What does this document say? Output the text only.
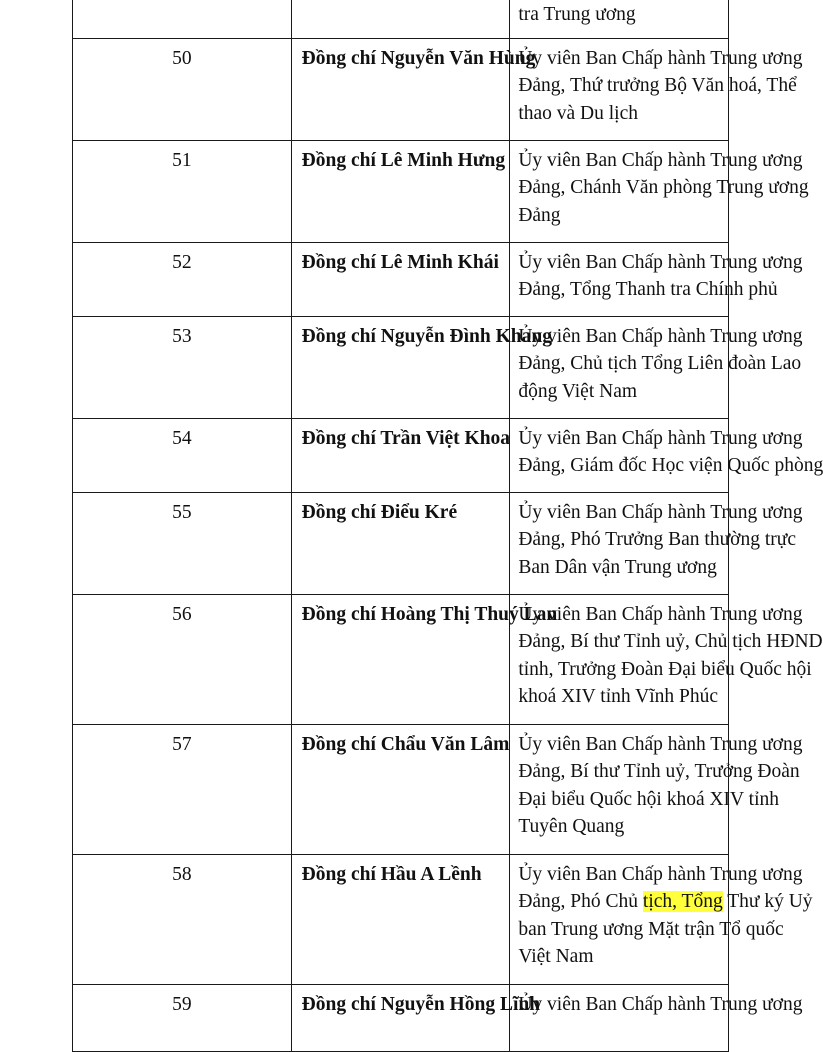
		tra Trung ương

50	Đồng chí Nguyễn Văn Hùng	Ủy viên Ban Chấp hành Trung ương
Đảng, Thứ trưởng Bộ Văn hoá, Thể
thao và Du lịch

51	Đồng chí Lê Minh Hưng	Ủy viên Ban Chấp hành Trung ương
Đảng, Chánh Văn phòng Trung ương
Đảng

52	Đồng chí Lê Minh Khái	Ủy viên Ban Chấp hành Trung ương
Đảng, Tổng Thanh tra Chính phủ

53	Đồng chí Nguyễn Đình Khang	Ủy viên Ban Chấp hành Trung ương
Đảng, Chủ tịch Tổng Liên đoàn Lao
động Việt Nam

54	Đồng chí Trần Việt Khoa	Ủy viên Ban Chấp hành Trung ương
Đảng, Giám đốc Học viện Quốc phòng

55	Đồng chí Điểu Kré	Ủy viên Ban Chấp hành Trung ương
Đảng, Phó Trưởng Ban thường trực
Ban Dân vận Trung ương

56	Đồng chí Hoàng Thị Thuý Lan	Ủy viên Ban Chấp hành Trung ương
Đảng, Bí thư Tỉnh uỷ, Chủ tịch HĐND
tỉnh, Trưởng Đoàn Đại biểu Quốc hội
khoá XIV tỉnh Vĩnh Phúc

57	Đồng chí Chẩu Văn Lâm	Ủy viên Ban Chấp hành Trung ương
Đảng, Bí thư Tỉnh uỷ, Trưởng Đoàn
Đại biểu Quốc hội khoá XIV tỉnh
Tuyên Quang

58	Đồng chí Hầu A Lềnh	Ủy viên Ban Chấp hành Trung ương
Đảng, Phó Chủ tịch, Tổng Thư ký Uỷ
ban Trung ương Mặt trận Tổ quốc
Việt Nam

59	Đồng chí Nguyễn Hồng Lĩnh	Ủy viên Ban Chấp hành Trung ương
